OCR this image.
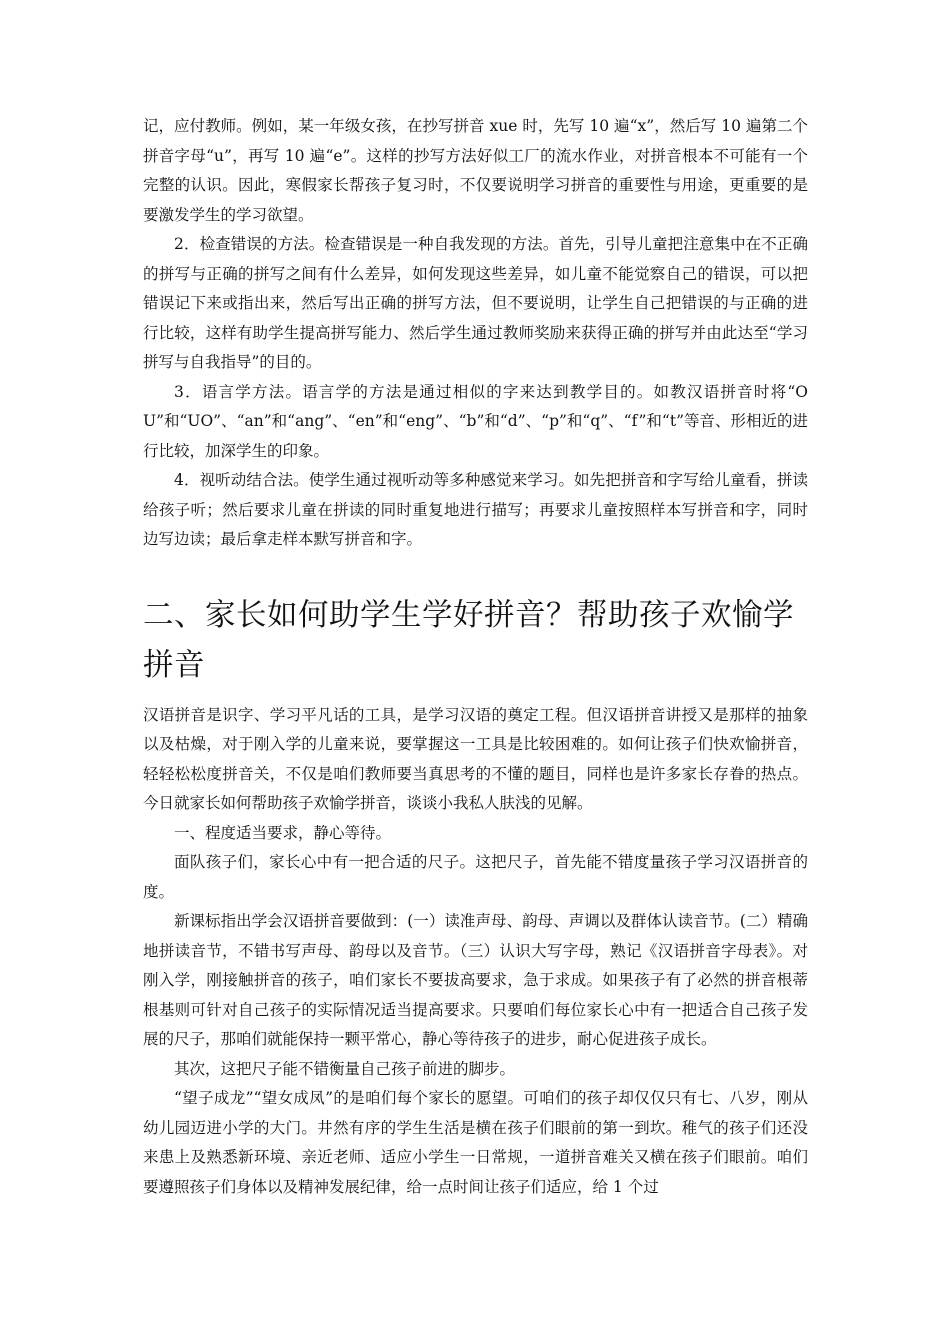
记，应付教师。例如，某一年级女孩，在抄写拼音 xue 时，先写 10 遍“x”，然后写 10 遍第二个拼音字母“u”，再写 10 遍“e”。这样的抄写方法好似工厂的流水作业，对拼音根本不可能有一个完整的认识。因此，寒假家长帮孩子复习时，不仅要说明学习拼音的重要性与用途，更重要的是要激发学生的学习欲望。

2．检查错误的方法。检查错误是一种自我发现的方法。首先，引导儿童把注意集中在不正确的拼写与正确的拼写之间有什么差异，如何发现这些差异，如儿童不能觉察自己的错误，可以把错误记下来或指出来，然后写出正确的拼写方法，但不要说明，让学生自己把错误的与正确的进行比较，这样有助学生提高拼写能力、然后学生通过教师奖励来获得正确的拼写并由此达至“学习拼写与自我指导”的目的。

3．语言学方法。语言学的方法是通过相似的字来达到教学目的。如教汉语拼音时将“OU”和“UO”、“an”和“ang”、“en”和“eng”、“b”和“d”、“p”和“q”、“f”和“t”等音、形相近的进行比较，加深学生的印象。

4．视听动结合法。使学生通过视听动等多种感觉来学习。如先把拼音和字写给儿童看，拼读给孩子听；然后要求儿童在拼读的同时重复地进行描写；再要求儿童按照样本写拼音和字，同时边写边读；最后拿走样本默写拼音和字。

二、家长如何助学生学好拼音？帮助孩子欢愉学拼音

汉语拼音是识字、学习平凡话的工具，是学习汉语的奠定工程。但汉语拼音讲授又是那样的抽象以及枯燥，对于刚入学的儿童来说，要掌握这一工具是比较困难的。如何让孩子们快欢愉拼音，轻轻松松度拼音关，不仅是咱们教师要当真思考的不懂的题目，同样也是许多家长存眷的热点。今日就家长如何帮助孩子欢愉学拼音，谈谈小我私人肤浅的见解。

一、程度适当要求，静心等待。

面队孩子们，家长心中有一把合适的尺子。这把尺子，首先能不错度量孩子学习汉语拼音的度。

新课标指出学会汉语拼音要做到：(一）读准声母、韵母、声调以及群体认读音节。(二）精确地拼读音节，不错书写声母、韵母以及音节。（三）认识大写字母，熟记《汉语拼音字母表》。对刚入学，刚接触拼音的孩子，咱们家长不要拔高要求，急于求成。如果孩子有了必然的拼音根蒂根基则可针对自己孩子的实际情况适当提高要求。只要咱们每位家长心中有一把适合自己孩子发展的尺子，那咱们就能保持一颗平常心，静心等待孩子的进步，耐心促进孩子成长。

其次，这把尺子能不错衡量自己孩子前进的脚步。

“望子成龙”“望女成凤”的是咱们每个家长的愿望。可咱们的孩子却仅仅只有七、八岁，刚从幼儿园迈进小学的大门。井然有序的学生生活是横在孩子们眼前的第一到坎。稚气的孩子们还没来患上及熟悉新环境、亲近老师、适应小学生一日常规，一道拼音难关又横在孩子们眼前。咱们要遵照孩子们身体以及精神发展纪律，给一点时间让孩子们适应，给 1 个过
